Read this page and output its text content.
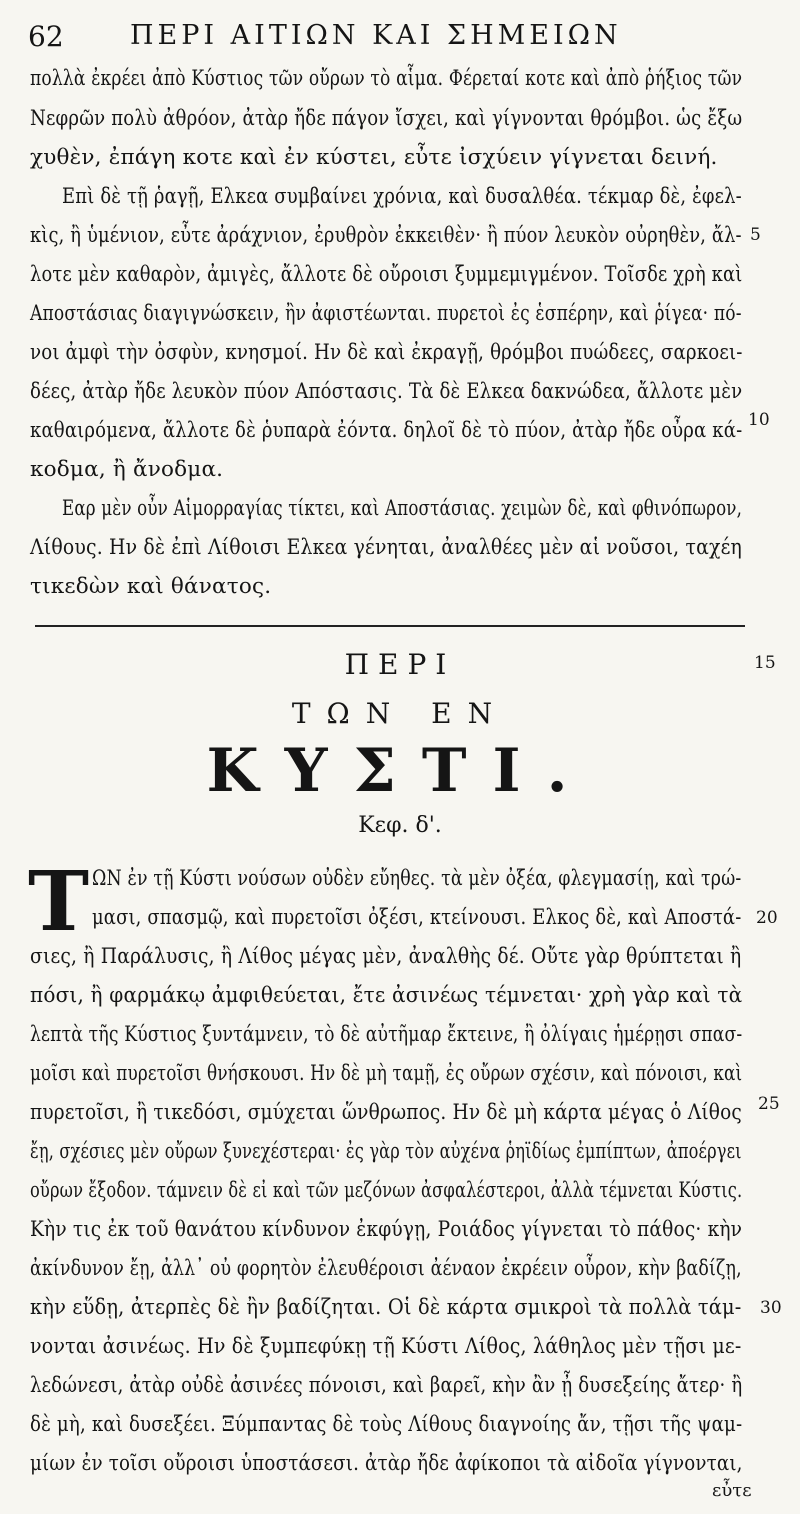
62 ΠΕΡΙ ΑΙΤΙΩΝ ΚΑΙ ΣΗΜΕΙΩΝ
πολλὰ ἐκρέει ἀπὸ Κύστιος τῶν οὔρων τὸ αἷμα. Φέρεταί κοτε καὶ ἀπὸ ῥήξιος τῶν
Νεφρῶν πολὺ ἀθρόον, ἀτὰρ ἤδε πάγον ἴσχει, καὶ γίγνονται θρόμβοι. ὡς ἔξω
χυθὲν, ἐπάγη κοτε καὶ ἐν κύστει, εὖτε ἰσχύειν γίγνεται δεινή.
Επὶ δὲ τῇ ῥαγῇ, Ελκεα συμβαίνει χρόνια, καὶ δυσαλθέα. τέκμαρ δὲ, ἐφελ-
κὶς, ἢ ὑμένιον, εὖτε ἀράχνιον, ἐρυθρὸν ἐκκειθὲν· ἢ πύον λευκὸν οὐρηθὲν, ἄλ-
λοτε μὲν καθαρὸν, ἀμιγὲς, ἄλλοτε δὲ οὔροισι ξυμμεμιγμένον. Τοῖσδε χρὴ καὶ
Αποστάσιας διαγιγνώσκειν, ἢν ἀφιστέωνται. πυρετοὶ ἐς ἑσπέρην, καὶ ῥίγεα· πό-
νοι ἀμφὶ τὴν ὀσφὺν, κνησμοί. Ην δὲ καὶ ἐκραγῇ, θρόμβοι πυώδεες, σαρκοει-
δέες, ἀτὰρ ἤδε λευκὸν πύον Απόστασις. Τὰ δὲ Ελκεα δακνώδεα, ἄλλοτε μὲν
καθαιρόμενα, ἄλλοτε δὲ ῥυπαρὰ ἐόντα. δηλοῖ δὲ τὸ πύον, ἀτὰρ ἤδε οὖρα κά-
κοδμα, ἢ ἄνοδμα.
Εαρ μὲν οὖν Αἱμορραγίας τίκτει, καὶ Αποστάσιας. χειμὼν δὲ, καὶ φθινόπωρον,
Λίθους. Ην δὲ ἐπὶ Λίθοισι Ελκεα γένηται, ἀναλθέες μὲν αἱ νοῦσοι, ταχέη
τικεδὼν καὶ θάνατος.
ΠΕΡΙ
ΤΩΝ ΕΝ
ΚΥΣΤΙ.
Κεφ. δ'.
Τ ΩΝ ἐν τῇ Κύστι νούσων οὐδὲν εὔηθες. τὰ μὲν ὀξέα, φλεγμασίῃ, καὶ τρώ-
μασι, σπασμῷ, καὶ πυρετοῖσι ὀξέσι, κτείνουσι. Ελκος δὲ, καὶ Αποστά-
σιες, ἢ Παράλυσις, ἢ Λίθος μέγας μὲν, ἀναλθὴς δέ. Οὔτε γὰρ θρύπτεται ἢ
πόσι, ἢ φαρμάκῳ ἀμφιθεύεται, ἔτε ἀσινέως τέμνεται· χρὴ γὰρ καὶ τὰ
λεπτὰ τῆς Κύστιος ξυντάμνειν, τὸ δὲ αὐτῆμαρ ἔκτεινε, ἢ ὀλίγαις ἡμέρῃσι σπασ-
μοῖσι καὶ πυρετοῖσι θνήσκουσι. Ην δὲ μὴ ταμῇ, ἐς οὔρων σχέσιν, καὶ πόνοισι, καὶ
πυρετοῖσι, ἢ τικεδόσι, σμύχεται ὥνθρωπος. Ην δὲ μὴ κάρτα μέγας ὁ Λίθος
ἔῃ, σχέσιες μὲν οὔρων ξυνεχέστεραι· ἐς γὰρ τὸν αὐχένα ῥηϊδίως ἐμπίπτων, ἀποέργει
οὔρων ἔξοδον. τάμνειν δὲ εἰ καὶ τῶν μεζόνων ἀσφαλέστεροι, ἀλλὰ τέμνεται Κύστις.
Κὴν τις ἐκ τοῦ θανάτου κίνδυνον ἐκφύγῃ, Ροιάδος γίγνεται τὸ πάθος· κὴν
ἀκίνδυνον ἔῃ, ἀλλ᾽ οὐ φορητὸν ἐλευθέροισι ἀέναον ἐκρέειν οὖρον, κὴν βαδίζῃ,
κὴν εὕδῃ, ἀτερπὲς δὲ ἢν βαδίζηται. Οἱ δὲ κάρτα σμικροὶ τὰ πολλὰ τάμ-
νονται ἀσινέως. Ην δὲ ξυμπεφύκῃ τῇ Κύστι Λίθος, λάθηλος μὲν τῇσι με-
λεδώνεσι, ἀτὰρ οὐδὲ ἀσινέες πόνοισι, καὶ βαρεῖ, κὴν ἂν ᾖ δυσεξείης ἄτερ· ἢ
δὲ μὴ, καὶ δυσεξέει. Ξύμπαντας δὲ τοὺς Λίθους διαγνοίης ἄν, τῇσι τῆς ψαμ-
μίων ἐν τοῖσι οὔροισι ὑποστάσεσι. ἀτὰρ ἤδε ἀφίκοποι τὰ αἰδοῖα γίγνονται,
5
10
15
20
25
30
εὖτε
